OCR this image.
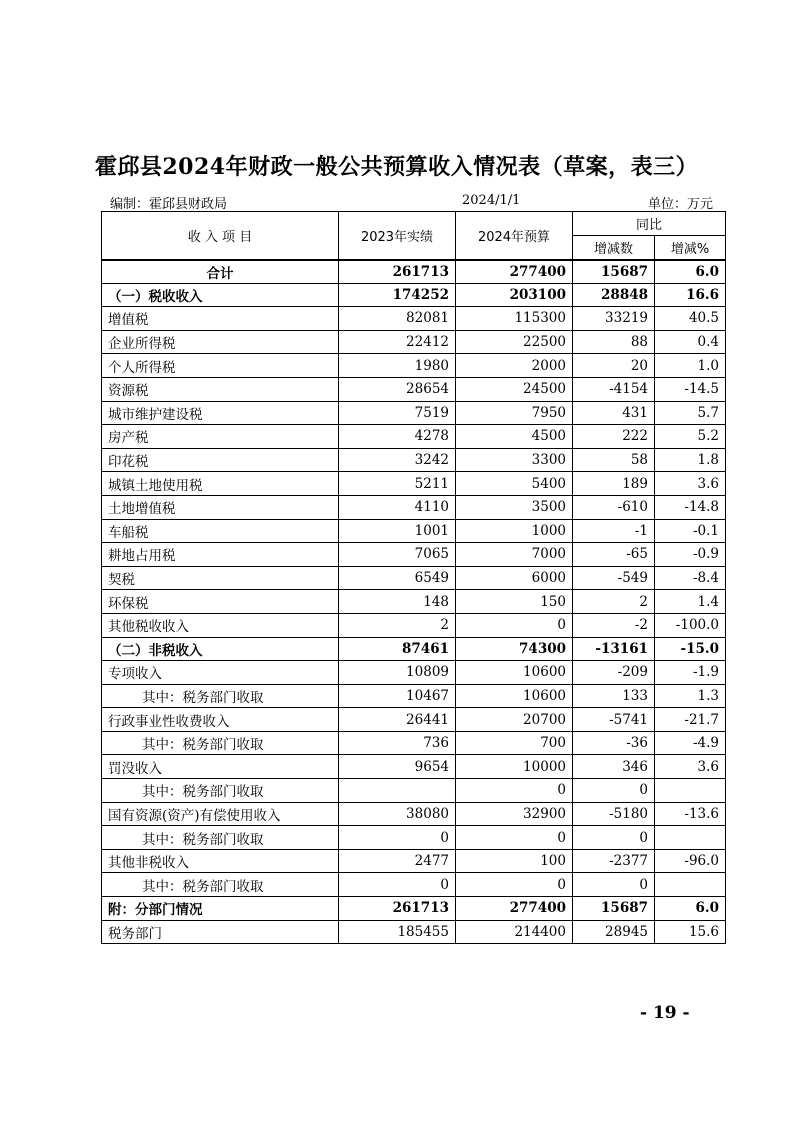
霍邱县2024年财政一般公共预算收入情况表（草案，表三）
编制：霍邱县财政局	2024/1/1	单位：万元
收 入 项 目	2023年实绩	2024年预算	同比	
			增减数	增减%
合计	261713	277400	15687	6.0
（一）税收收入	174252	203100	28848	16.6
增值税	82081	115300	33219	40.5
企业所得税	22412	22500	88	0.4
个人所得税	1980	2000	20	1.0
资源税	28654	24500	-4154	-14.5
城市维护建设税	7519	7950	431	5.7
房产税	4278	4500	222	5.2
印花税	3242	3300	58	1.8
城镇土地使用税	5211	5400	189	3.6
土地增值税	4110	3500	-610	-14.8
车船税	1001	1000	-1	-0.1
耕地占用税	7065	7000	-65	-0.9
契税	6549	6000	-549	-8.4
环保税	148	150	2	1.4
其他税收收入	2	0	-2	-100.0
（二）非税收入	87461	74300	-13161	-15.0
专项收入	10809	10600	-209	-1.9
其中：税务部门收取	10467	10600	133	1.3
行政事业性收费收入	26441	20700	-5741	-21.7
其中：税务部门收取	736	700	-36	-4.9
罚没收入	9654	10000	346	3.6
其中：税务部门收取		0	0	
国有资源(资产)有偿使用收入	38080	32900	-5180	-13.6
其中：税务部门收取	0	0	0	
其他非税收入	2477	100	-2377	-96.0
其中：税务部门收取	0	0	0	
附：分部门情况	261713	277400	15687	6.0
税务部门	185455	214400	28945	15.6
- 19 -
